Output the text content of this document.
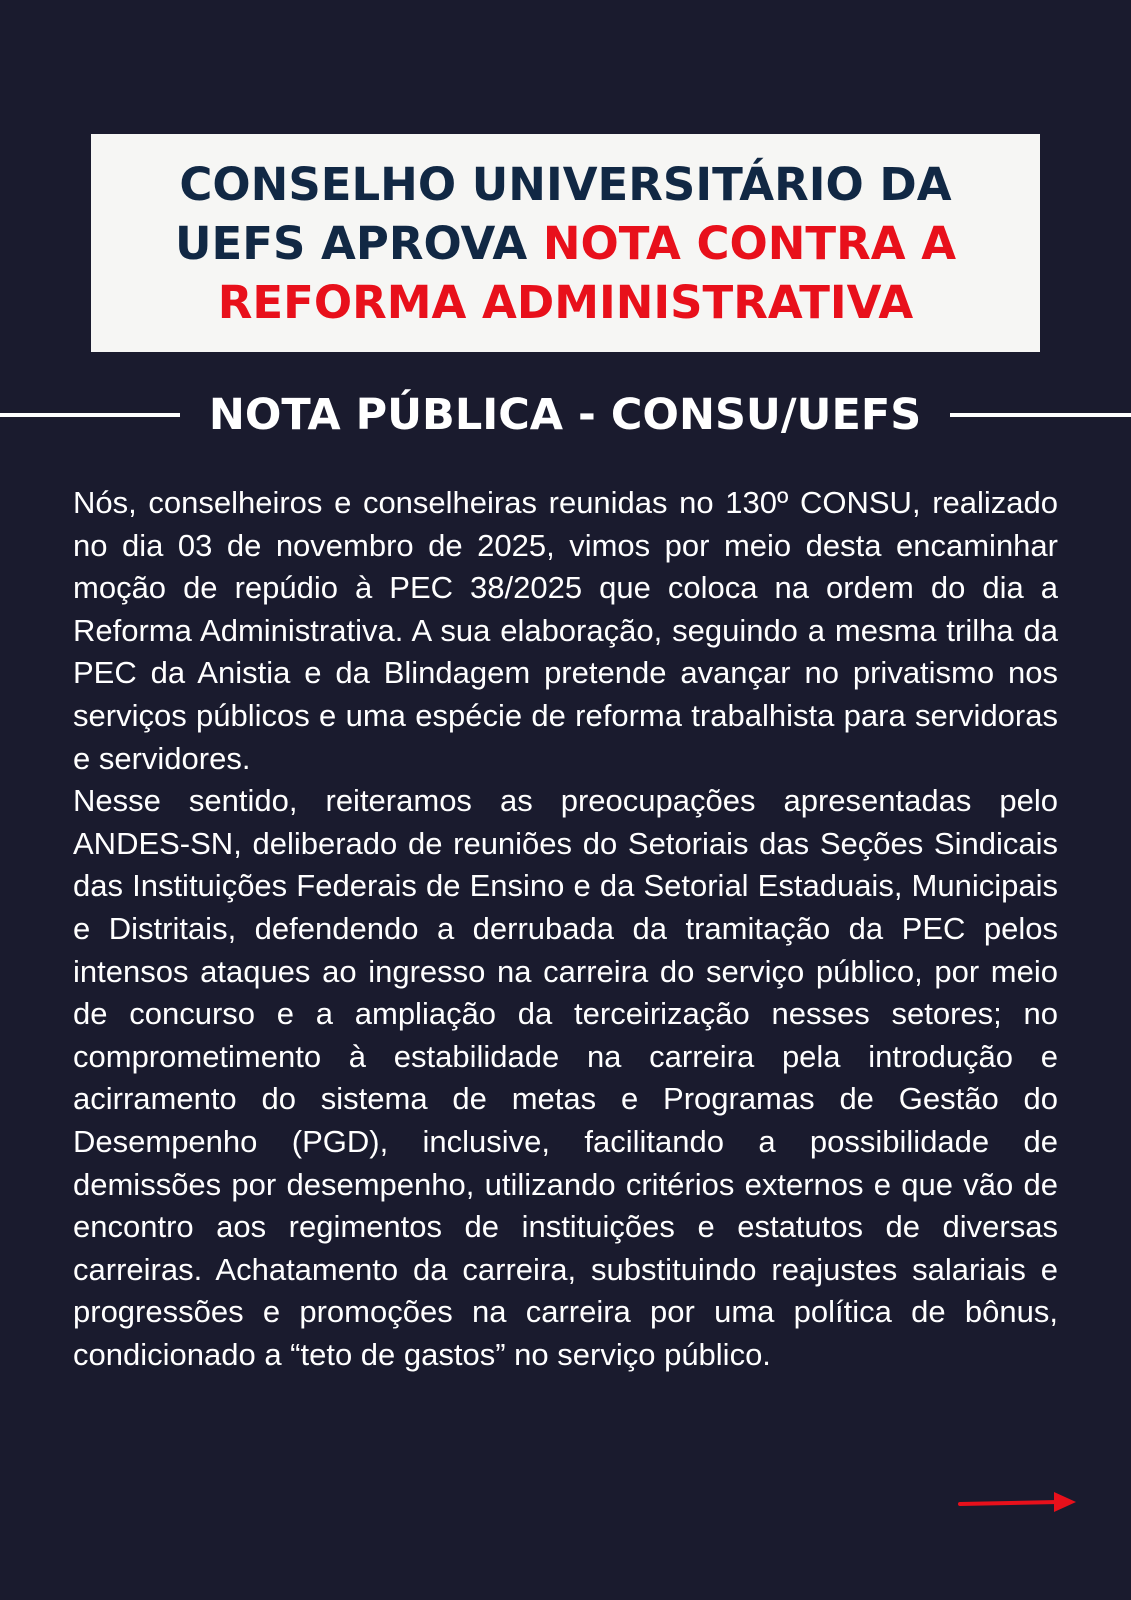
CONSELHO UNIVERSITÁRIO DA
UEFS APROVA NOTA CONTRA A
REFORMA ADMINISTRATIVA
NOTA PÚBLICA - CONSU/UEFS

Nós, conselheiros e conselheiras reunidas no 130º CONSU, realizado no dia 03 de novembro de 2025, vimos por meio desta encaminhar moção de repúdio à PEC 38/2025 que coloca na ordem do dia a Reforma Administrativa. A sua elaboração, seguindo a mesma trilha da PEC da Anistia e da Blindagem pretende avançar no privatismo nos serviços públicos e uma espécie de reforma trabalhista para servidoras e servidores.

Nesse sentido, reiteramos as preocupações apresentadas pelo ANDES-SN, deliberado de reuniões do Setoriais das Seções Sindicais das Instituições Federais de Ensino e da Setorial Estaduais, Municipais e Distritais, defendendo a derrubada da tramitação da PEC pelos intensos ataques ao ingresso na carreira do serviço público, por meio de concurso e a ampliação da terceirização nesses setores; no comprometimento à estabilidade na carreira pela introdução e acirramento do sistema de metas e Programas de Gestão do Desempenho (PGD), inclusive, facilitando a possibilidade de demissões por desempenho, utilizando critérios externos e que vão de encontro aos regimentos de instituições e estatutos de diversas carreiras. Achatamento da carreira, substituindo reajustes salariais e progressões e promoções na carreira por uma política de bônus, condicionado a “teto de gastos” no serviço público.
